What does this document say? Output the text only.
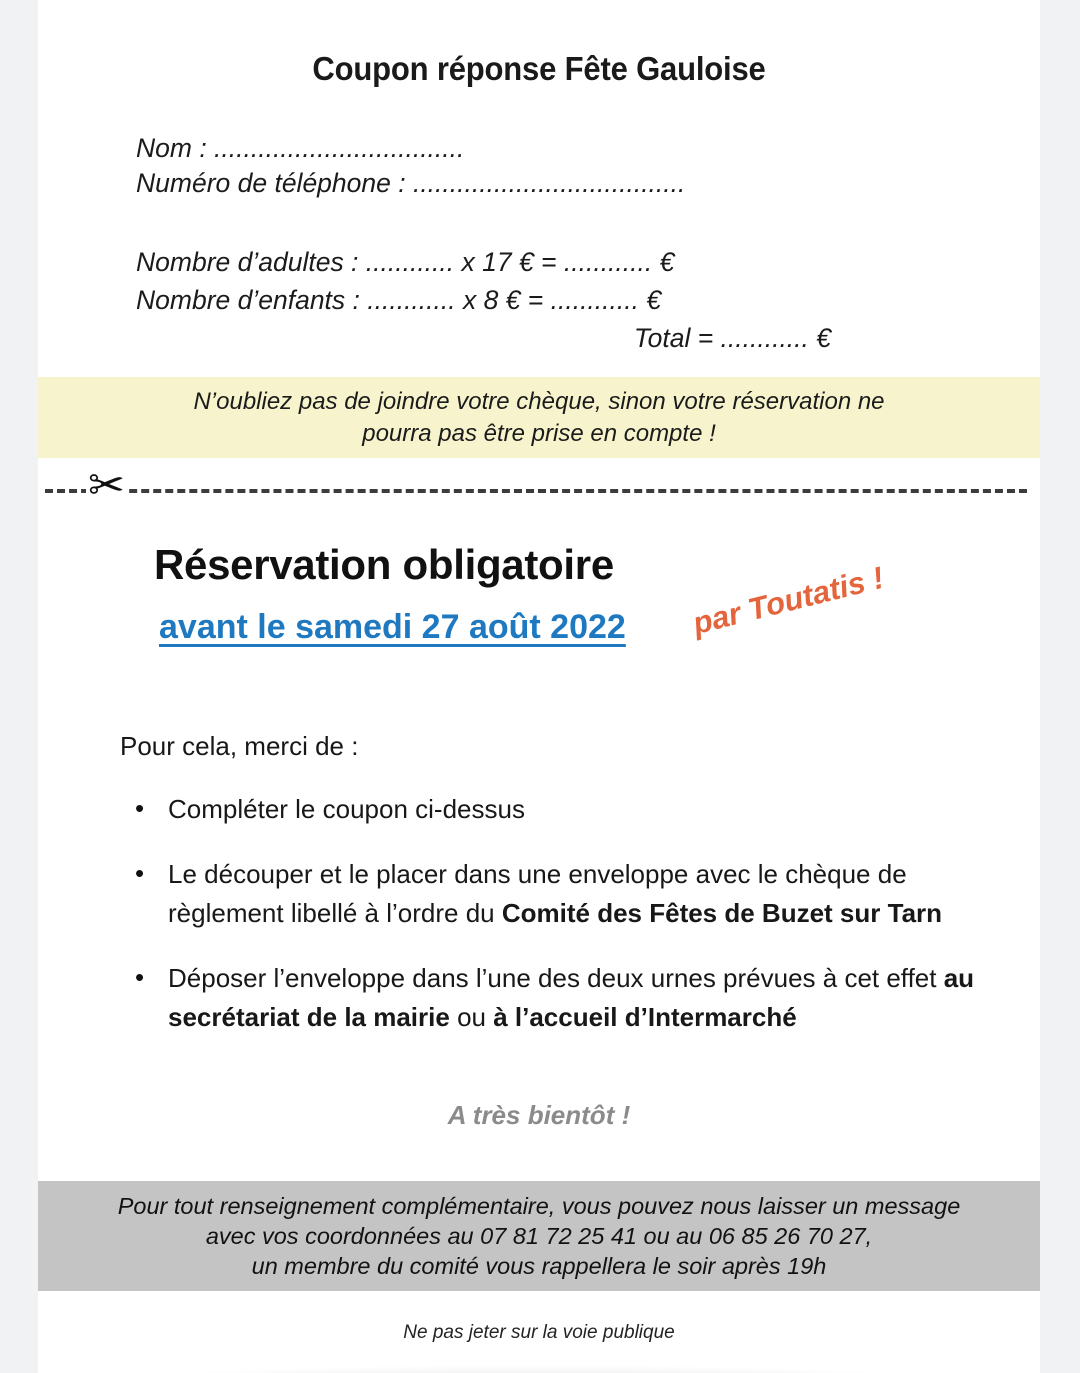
Coupon réponse Fête Gauloise
Nom : ..................................
Numéro de téléphone : .....................................
Nombre d’adultes : ............ x 17 € = ............ €
Nombre d’enfants : ............ x 8 € = ............ €
Total = ............ €
N’oubliez pas de joindre votre chèque, sinon votre réservation ne
pourra pas être prise en compte !
✂
Réservation obligatoire
avant le samedi 27 août 2022 par Toutatis !
Pour cela, merci de :
• Compléter le coupon ci-dessus
• Le découper et le placer dans une enveloppe avec le chèque de règlement libellé à l’ordre du Comité des Fêtes de Buzet sur Tarn
• Déposer l’enveloppe dans l’une des deux urnes prévues à cet effet au secrétariat de la mairie ou à l’accueil d’Intermarché
A très bientôt !
Pour tout renseignement complémentaire, vous pouvez nous laisser un message
avec vos coordonnées au 07 81 72 25 41 ou au 06 85 26 70 27,
un membre du comité vous rappellera le soir après 19h
Ne pas jeter sur la voie publique
